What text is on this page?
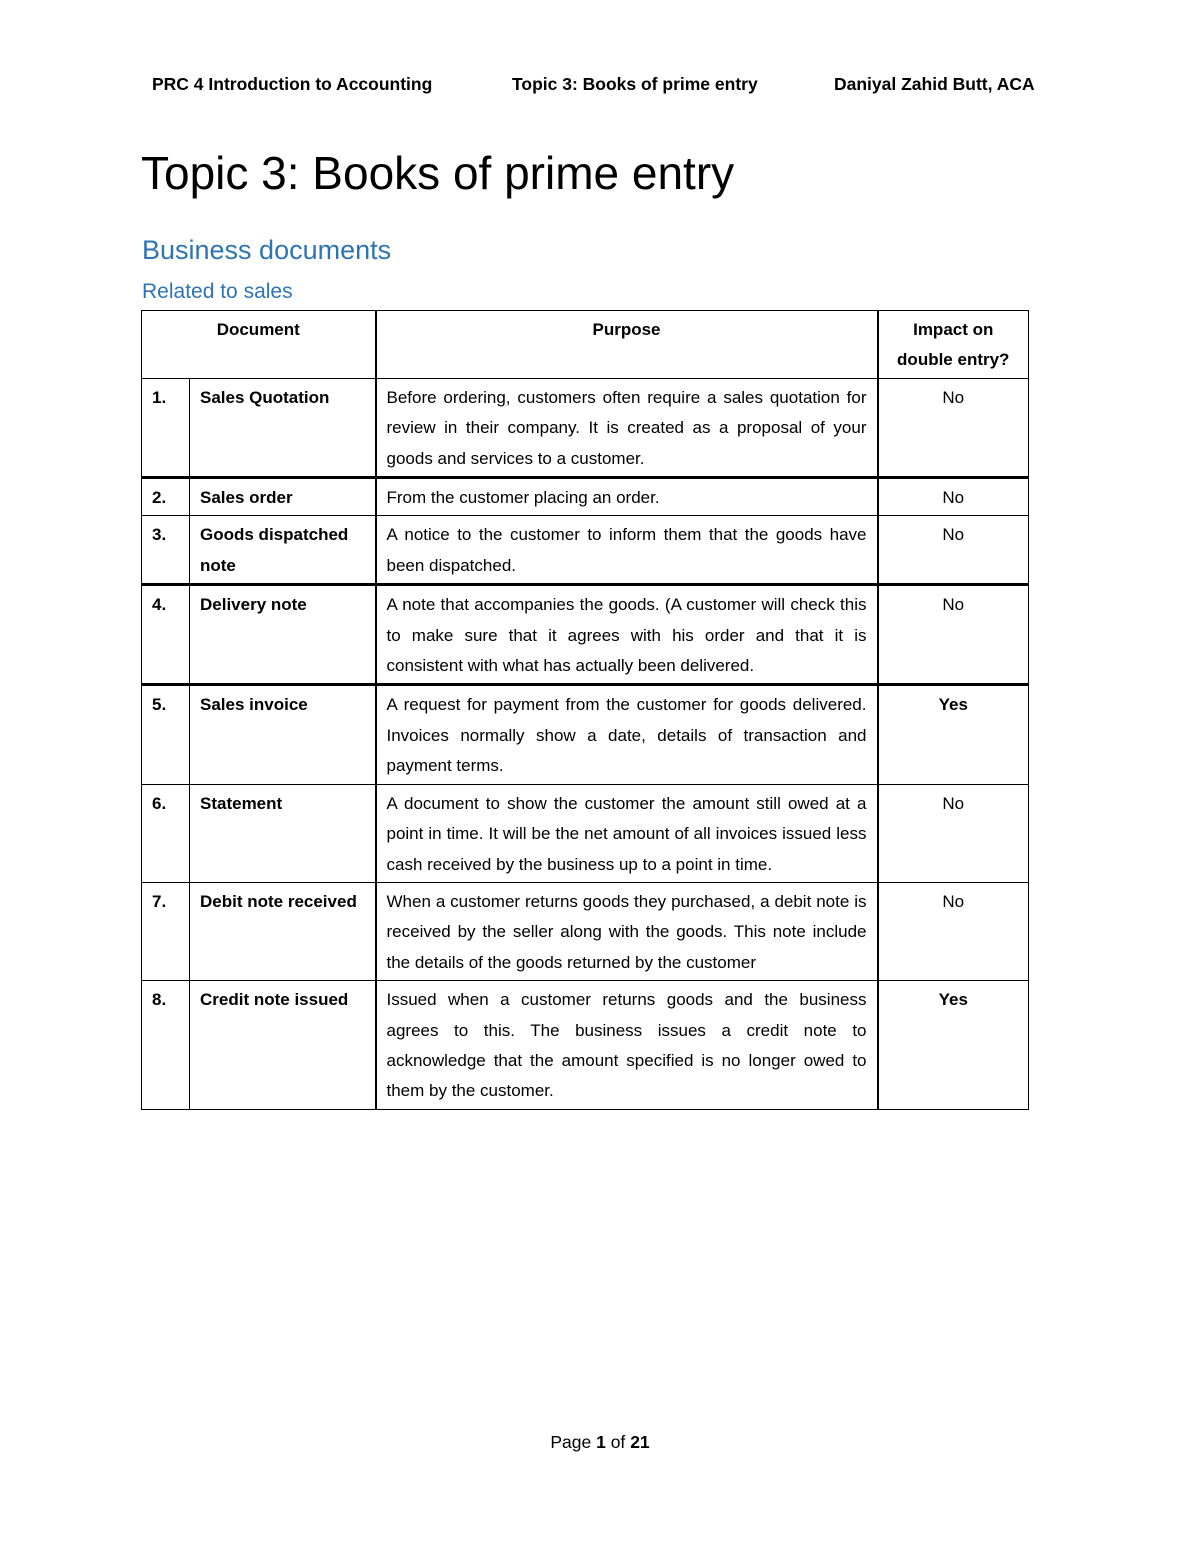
PRC 4 Introduction to Accounting	Topic 3: Books of prime entry	Daniyal Zahid Butt, ACA
Topic 3: Books of prime entry
Business documents
Related to sales
Document		Purpose	Impact on double entry?
1.	Sales Quotation	Before ordering, customers often require a sales quotation for review in their company. It is created as a proposal of your goods and services to a customer.	No
2.	Sales order	From the customer placing an order.	No
3.	Goods dispatched note	A notice to the customer to inform them that the goods have been dispatched.	No
4.	Delivery note	A note that accompanies the goods. (A customer will check this to make sure that it agrees with his order and that it is consistent with what has actually been delivered.	No
5.	Sales invoice	A request for payment from the customer for goods delivered. Invoices normally show a date, details of transaction and payment terms.	Yes
6.	Statement	A document to show the customer the amount still owed at a point in time. It will be the net amount of all invoices issued less cash received by the business up to a point in time.	No
7.	Debit note received	When a customer returns goods they purchased, a debit note is received by the seller along with the goods. This note include the details of the goods returned by the customer	No
8.	Credit note issued	Issued when a customer returns goods and the business agrees to this. The business issues a credit note to acknowledge that the amount specified is no longer owed to them by the customer.	Yes
Page 1 of 21
